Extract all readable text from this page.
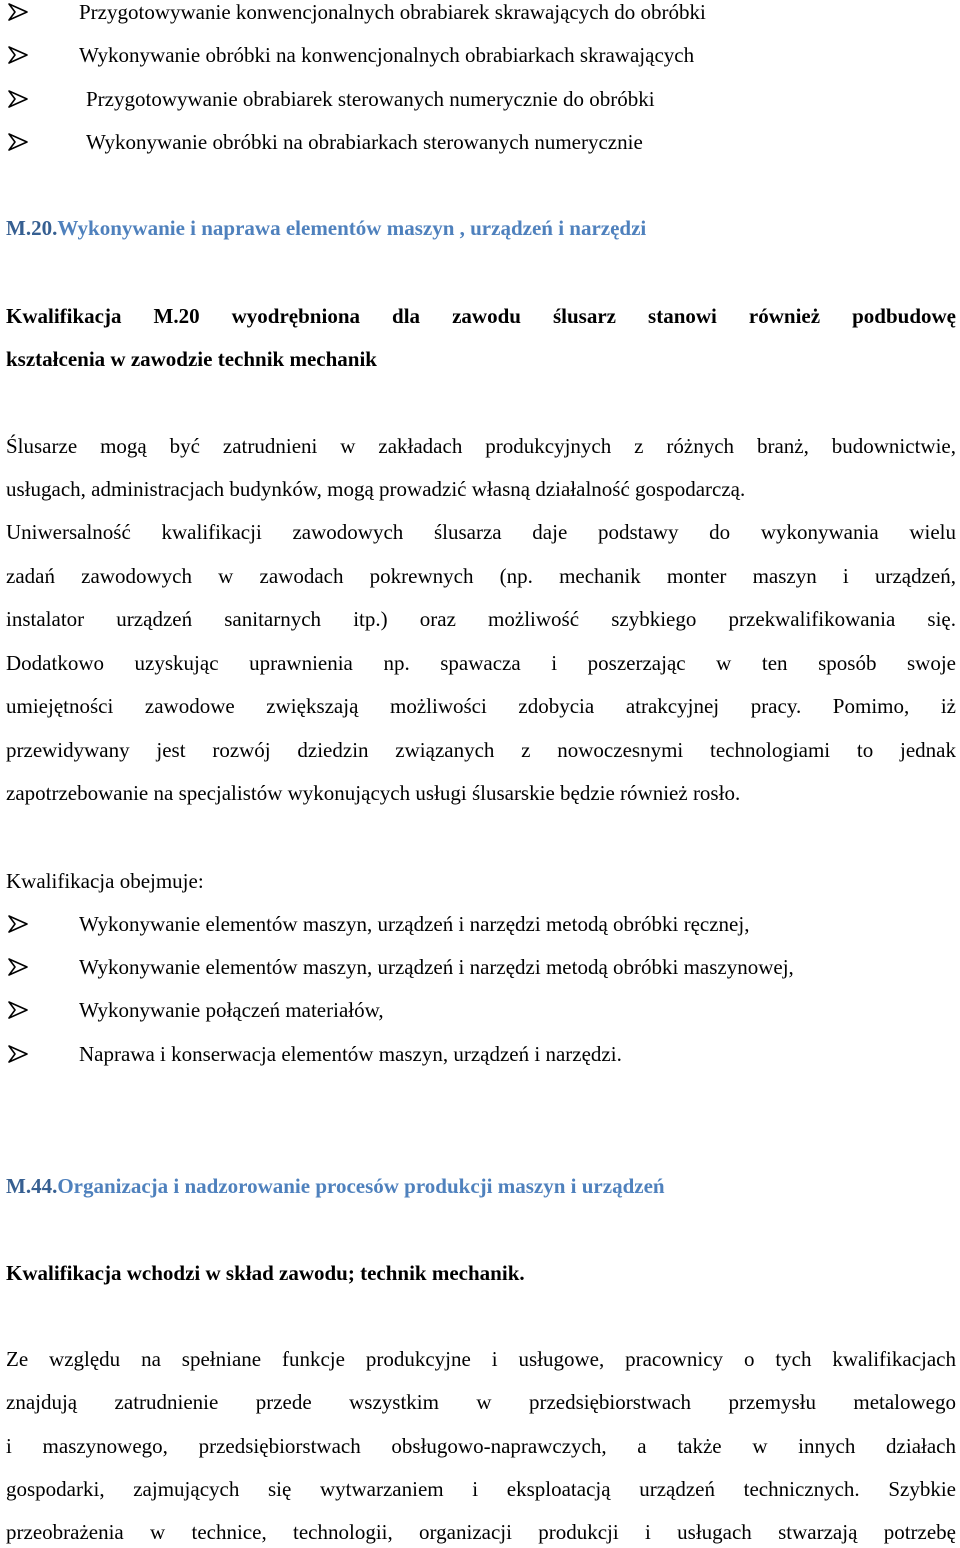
Przygotowywanie konwencjonalnych obrabiarek skrawających do obróbki
Wykonywanie obróbki na konwencjonalnych obrabiarkach skrawających
Przygotowywanie obrabiarek sterowanych numerycznie do obróbki
Wykonywanie obróbki na obrabiarkach sterowanych numerycznie
M.20.Wykonywanie i naprawa elementów maszyn , urządzeń i narzędzi
Kwalifikacja M.20 wyodrębniona dla zawodu ślusarz stanowi również podbudowę
kształcenia w zawodzie technik mechanik
Ślusarze mogą być zatrudnieni w zakładach produkcyjnych z różnych branż, budownictwie,
usługach, administracjach budynków, mogą prowadzić własną działalność gospodarczą.
Uniwersalność kwalifikacji zawodowych ślusarza daje podstawy do wykonywania wielu
zadań zawodowych w zawodach pokrewnych (np. mechanik monter maszyn i urządzeń,
instalator urządzeń sanitarnych itp.) oraz możliwość szybkiego przekwalifikowania się.
Dodatkowo uzyskując uprawnienia np. spawacza i poszerzając w ten sposób swoje
umiejętności zawodowe zwiększają możliwości zdobycia atrakcyjnej pracy. Pomimo, iż
przewidywany jest rozwój dziedzin związanych z nowoczesnymi technologiami to jednak
zapotrzebowanie na specjalistów wykonujących usługi ślusarskie będzie również rosło.
Kwalifikacja obejmuje:
Wykonywanie elementów maszyn, urządzeń i narzędzi metodą obróbki ręcznej,
Wykonywanie elementów maszyn, urządzeń i narzędzi metodą obróbki maszynowej,
Wykonywanie połączeń materiałów,
Naprawa i konserwacja elementów maszyn, urządzeń i narzędzi.
M.44.Organizacja i nadzorowanie procesów produkcji maszyn i urządzeń
Kwalifikacja wchodzi w skład zawodu; technik mechanik.
Ze względu na spełniane funkcje produkcyjne i usługowe, pracownicy o tych kwalifikacjach
znajdują zatrudnienie przede wszystkim w przedsiębiorstwach przemysłu metalowego
i maszynowego, przedsiębiorstwach obsługowo-naprawczych, a także w innych działach
gospodarki, zajmujących się wytwarzaniem i eksploatacją urządzeń technicznych. Szybkie
przeobrażenia w technice, technologii, organizacji produkcji i usługach stwarzają potrzebę
